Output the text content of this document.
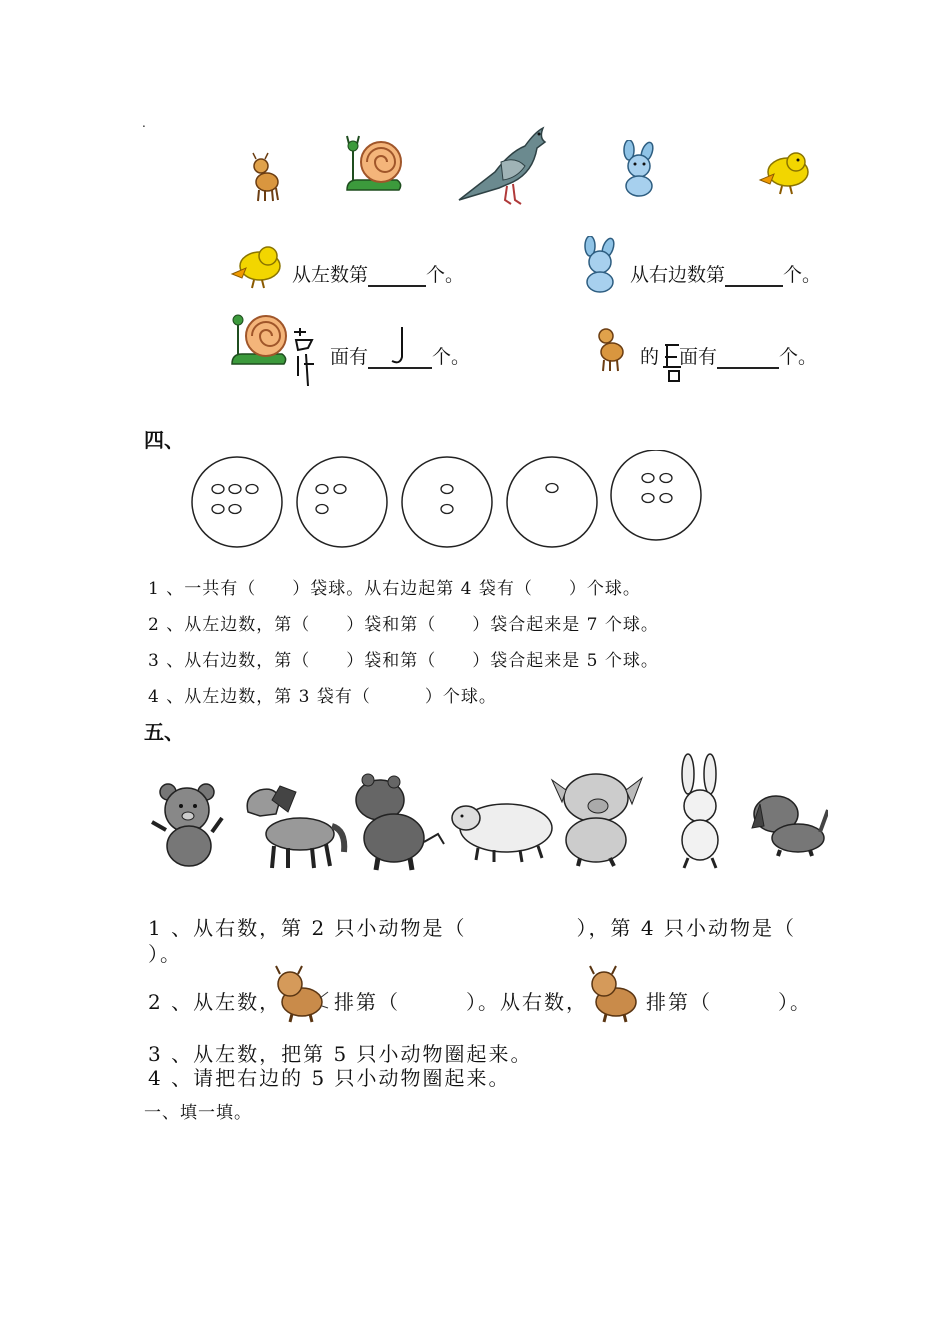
.
从左数第	个。	从右边数第	个。
面有	个。	的 面有	个。
四、
1 、一共有（　　）袋球。从右边起第 4 袋有（　　）个球。
2 、从左边数，第（　　）袋和第（　　）袋合起来是 7 个球。
3 、从右边数，第（　　）袋和第（　　）袋合起来是 5 个球。
4 、从左边数，第 3 袋有（　　　）个球。
五、
1 、从右数，第 2 只小动物是（　　　　　），第 4 只小动物是（
）。
2 、从左数，	排第（　　　）。从右数，	排第（　　　）。
3 、从左数，把第 5 只小动物圈起来。
4 、请把右边的 5 只小动物圈起来。
一、填一填。
